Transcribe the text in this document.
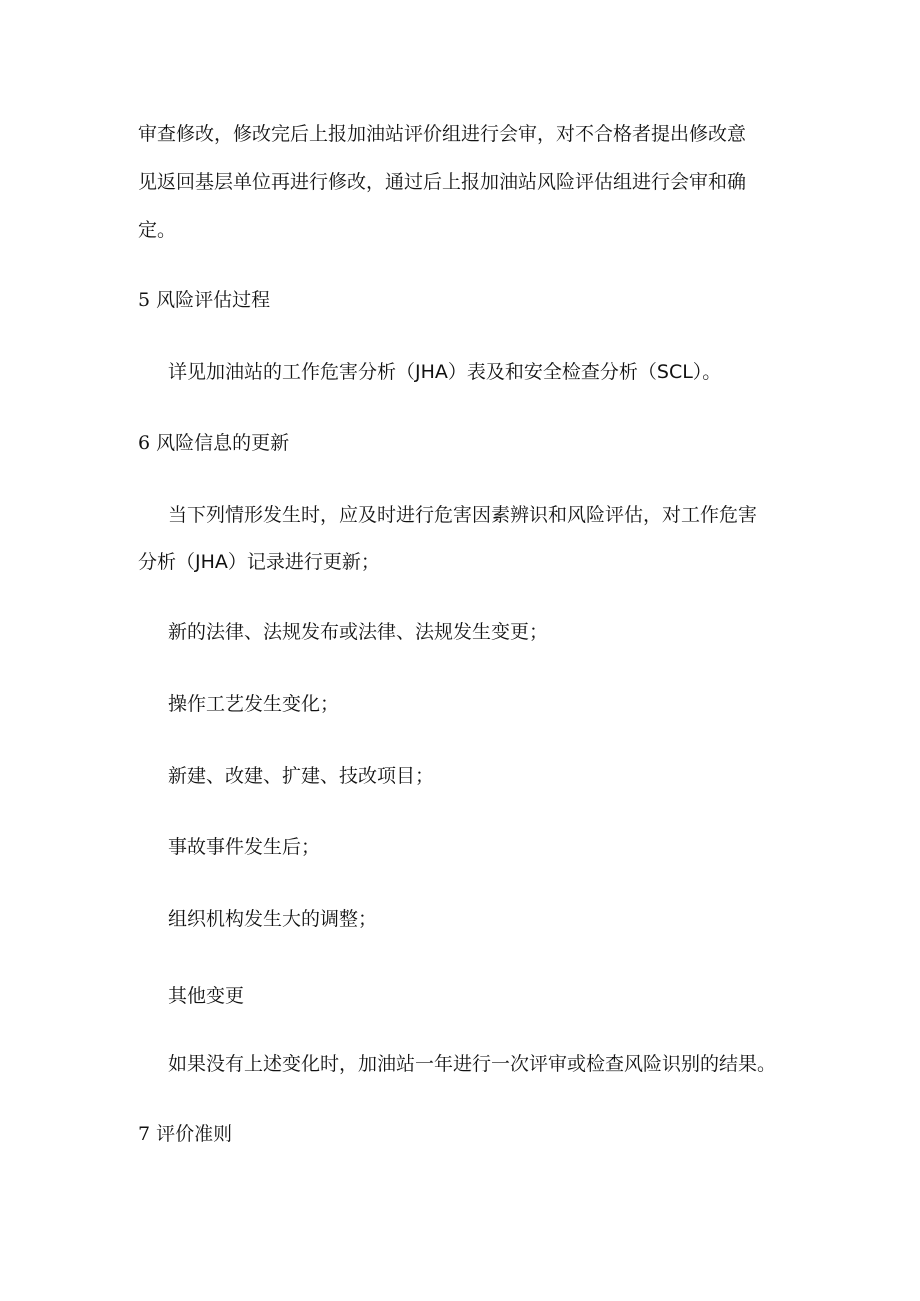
审查修改，修改完后上报加油站评价组进行会审，对不合格者提出修改意
见返回基层单位再进行修改，通过后上报加油站风险评估组进行会审和确
定。
5 风险评估过程
详见加油站的工作危害分析（JHA）表及和安全检查分析（SCL）。
6 风险信息的更新
当下列情形发生时，应及时进行危害因素辨识和风险评估，对工作危害
分析（JHA）记录进行更新；
新的法律、法规发布或法律、法规发生变更；
操作工艺发生变化；
新建、改建、扩建、技改项目；
事故事件发生后；
组织机构发生大的调整；
其他变更
如果没有上述变化时，加油站一年进行一次评审或检查风险识别的结果。
7 评价准则
